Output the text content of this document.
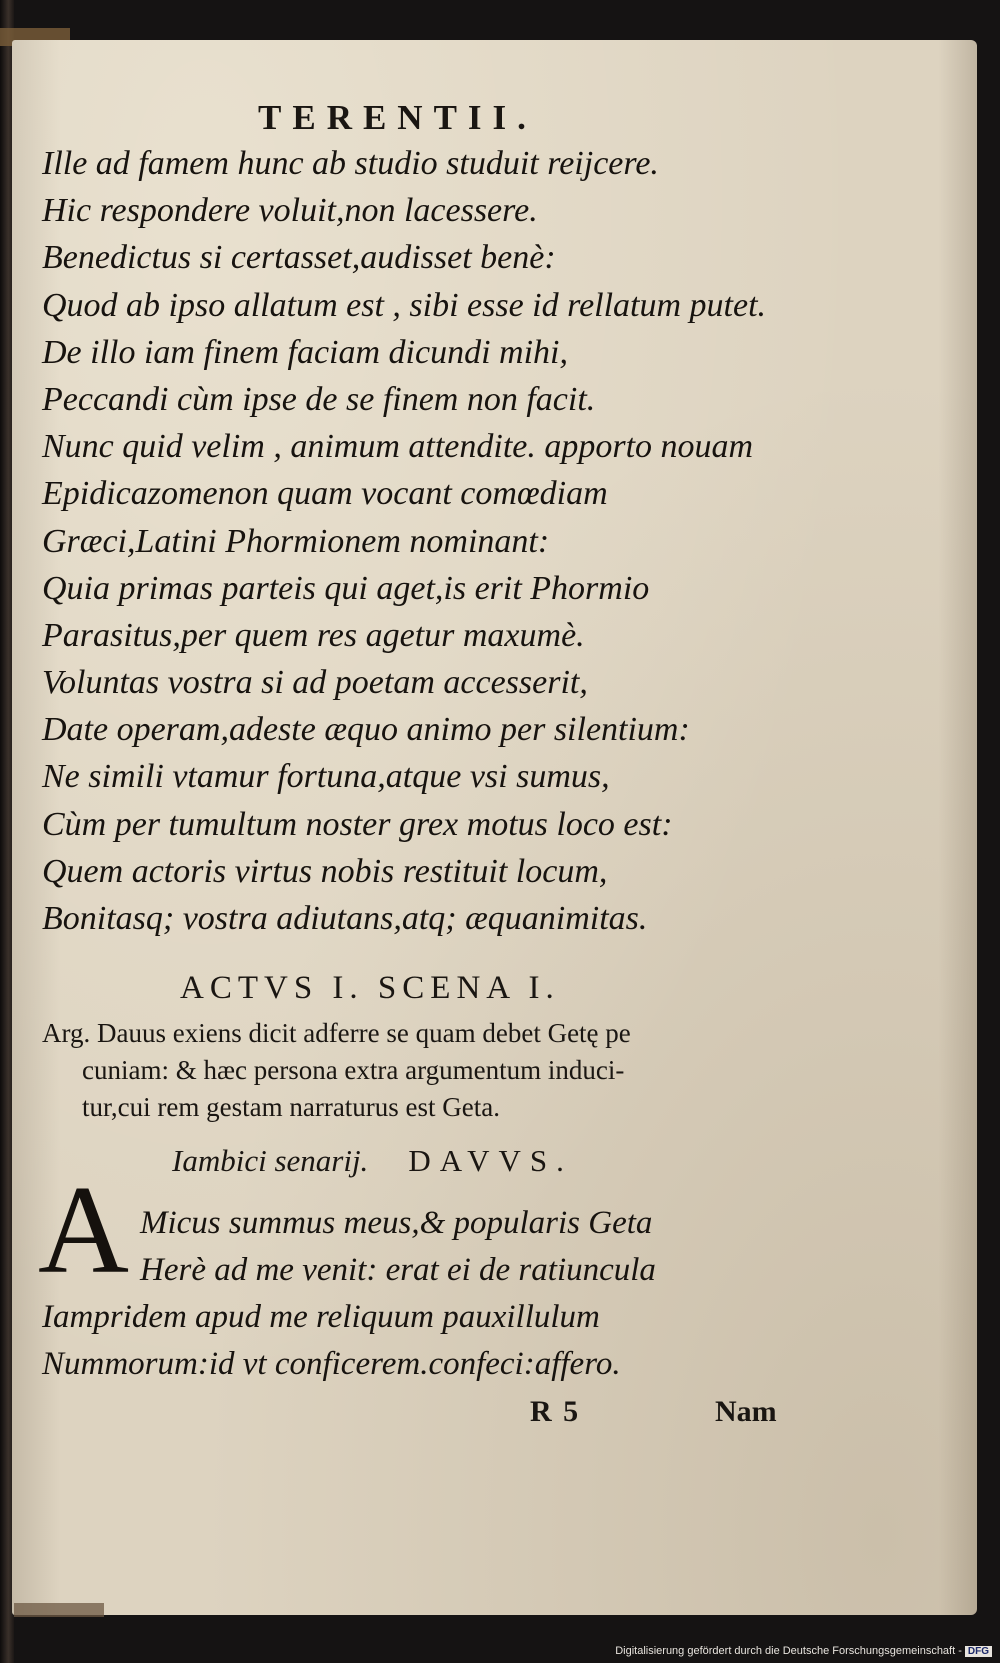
TERENTII.
Ille ad famem hunc ab studio studuit reijcere.
Hic respondere voluit,non lacessere.
Benedictus si certasset,audisset benè:
Quod ab ipso allatum est , sibi esse id rellatum putet.
De illo iam finem faciam dicundi mihi,
Peccandi cùm ipse de se finem non facit.
Nunc quid velim , animum attendite. apporto nouam
Epidicazomenon quam vocant comœdiam
Græci,Latini Phormionem nominant:
Quia primas parteis qui aget,is erit Phormio
Parasitus,per quem res agetur maxumè.
Voluntas vostra si ad poetam accesserit,
Date operam,adeste æquo animo per silentium:
Ne simili vtamur fortuna,atque vsi sumus,
Cùm per tumultum noster grex motus loco est:
Quem actoris virtus nobis restituit locum,
Bonitasq; vostra adiutans,atq; æquanimitas.
ACTVS I. SCENA I.
Arg. Dauus exiens dicit adferre se quam debet Getę pe
cuniam: & hæc persona extra argumentum induci-
tur,cui rem gestam narraturus est Geta.
Iambici senarij. DAVVS.
A Micus summus meus,& popularis Geta
Herè ad me venit: erat ei de ratiuncula
Iampridem apud me reliquum pauxillulum
Nummorum:id vt conficerem.confeci:affero.
R 5	Nam
Digitalisierung gefördert durch die Deutsche Forschungsgemeinschaft - DFG
